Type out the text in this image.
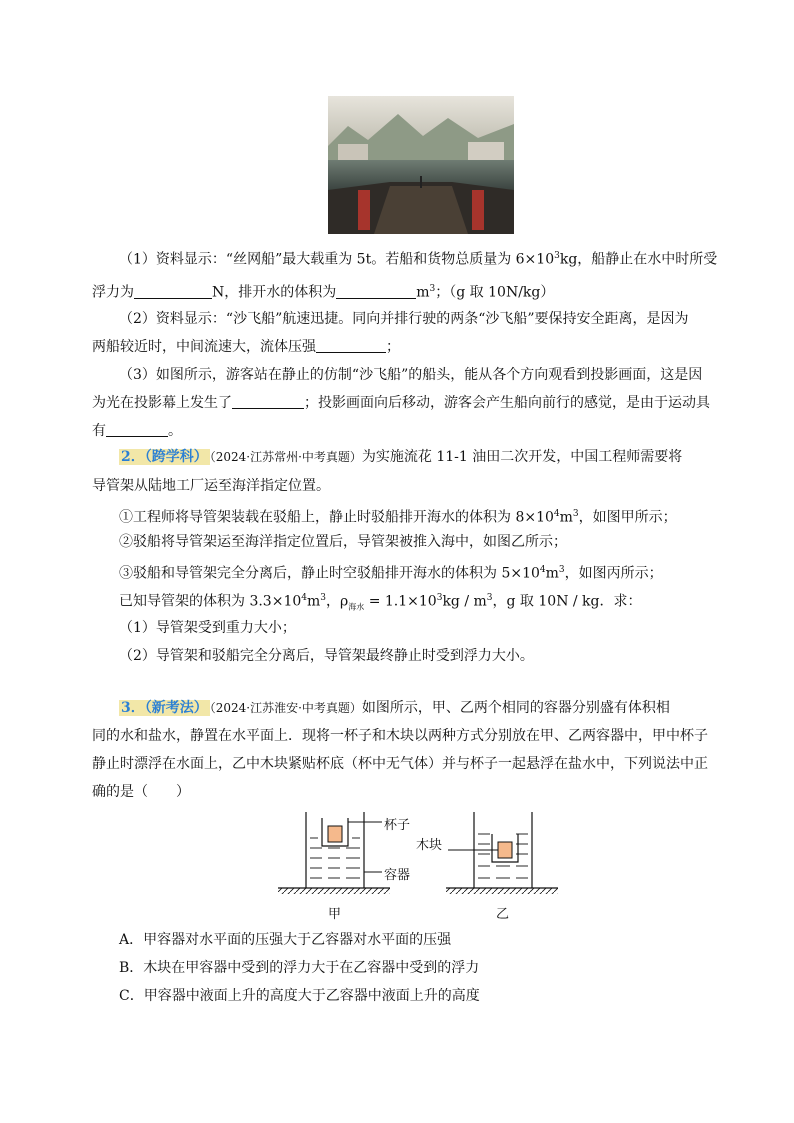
（1）资料显示：“丝网船”最大载重为 5t。若船和货物总质量为 $6\times 10^3kg$，船静止在水中时所受
浮力为	N，排开水的体积为	$m^3$；（g 取 10N/kg）
（2）资料显示：“沙飞船”航速迅捷。同向并排行驶的两条“沙飞船”要保持安全距离，是因为
两船较近时，中间流速大，流体压强	；
（3）如图所示，游客站在静止的仿制“沙飞船”的船头，能从各个方向观看到投影画面，这是因
为光在投影幕上发生了	；投影画面向后移动，游客会产生船向前行的感觉，是由于运动具
有	。
2．（跨学科） （2024·江苏常州·中考真题）为实施流花 11-1 油田二次开发，中国工程师需要将
导管架从陆地工厂运至海洋指定位置。
①工程师将导管架装载在驳船上，静止时驳船排开海水的体积为 $8\times 10^4m^3$，如图甲所示；
②驳船将导管架运至海洋指定位置后，导管架被推入海中，如图乙所示；
③驳船和导管架完全分离后，静止时空驳船排开海水的体积为 $5\times 10^4m^3$，如图丙所示；
已知导管架的体积为 $3.3\times 10^4m^3$，$\rho_{海水} = 1.1\times 10^3kg / m^3$，g 取 10N / kg．求：
（1）导管架受到重力大小；
（2）导管架和驳船完全分离后，导管架最终静止时受到浮力大小。
3．（新考法） （2024·江苏淮安·中考真题）如图所示，甲、乙两个相同的容器分别盛有体积相
同的水和盐水，静置在水平面上．现将一杯子和木块以两种方式分别放在甲、乙两容器中，甲中杯子
静止时漂浮在水面上，乙中木块紧贴杯底（杯中无气体）并与杯子一起悬浮在盐水中，下列说法中正
确的是（　　）
杯子
容器
木块
甲	乙
A．甲容器对水平面的压强大于乙容器对水平面的压强
B．木块在甲容器中受到的浮力大于在乙容器中受到的浮力
C．甲容器中液面上升的高度大于乙容器中液面上升的高度
